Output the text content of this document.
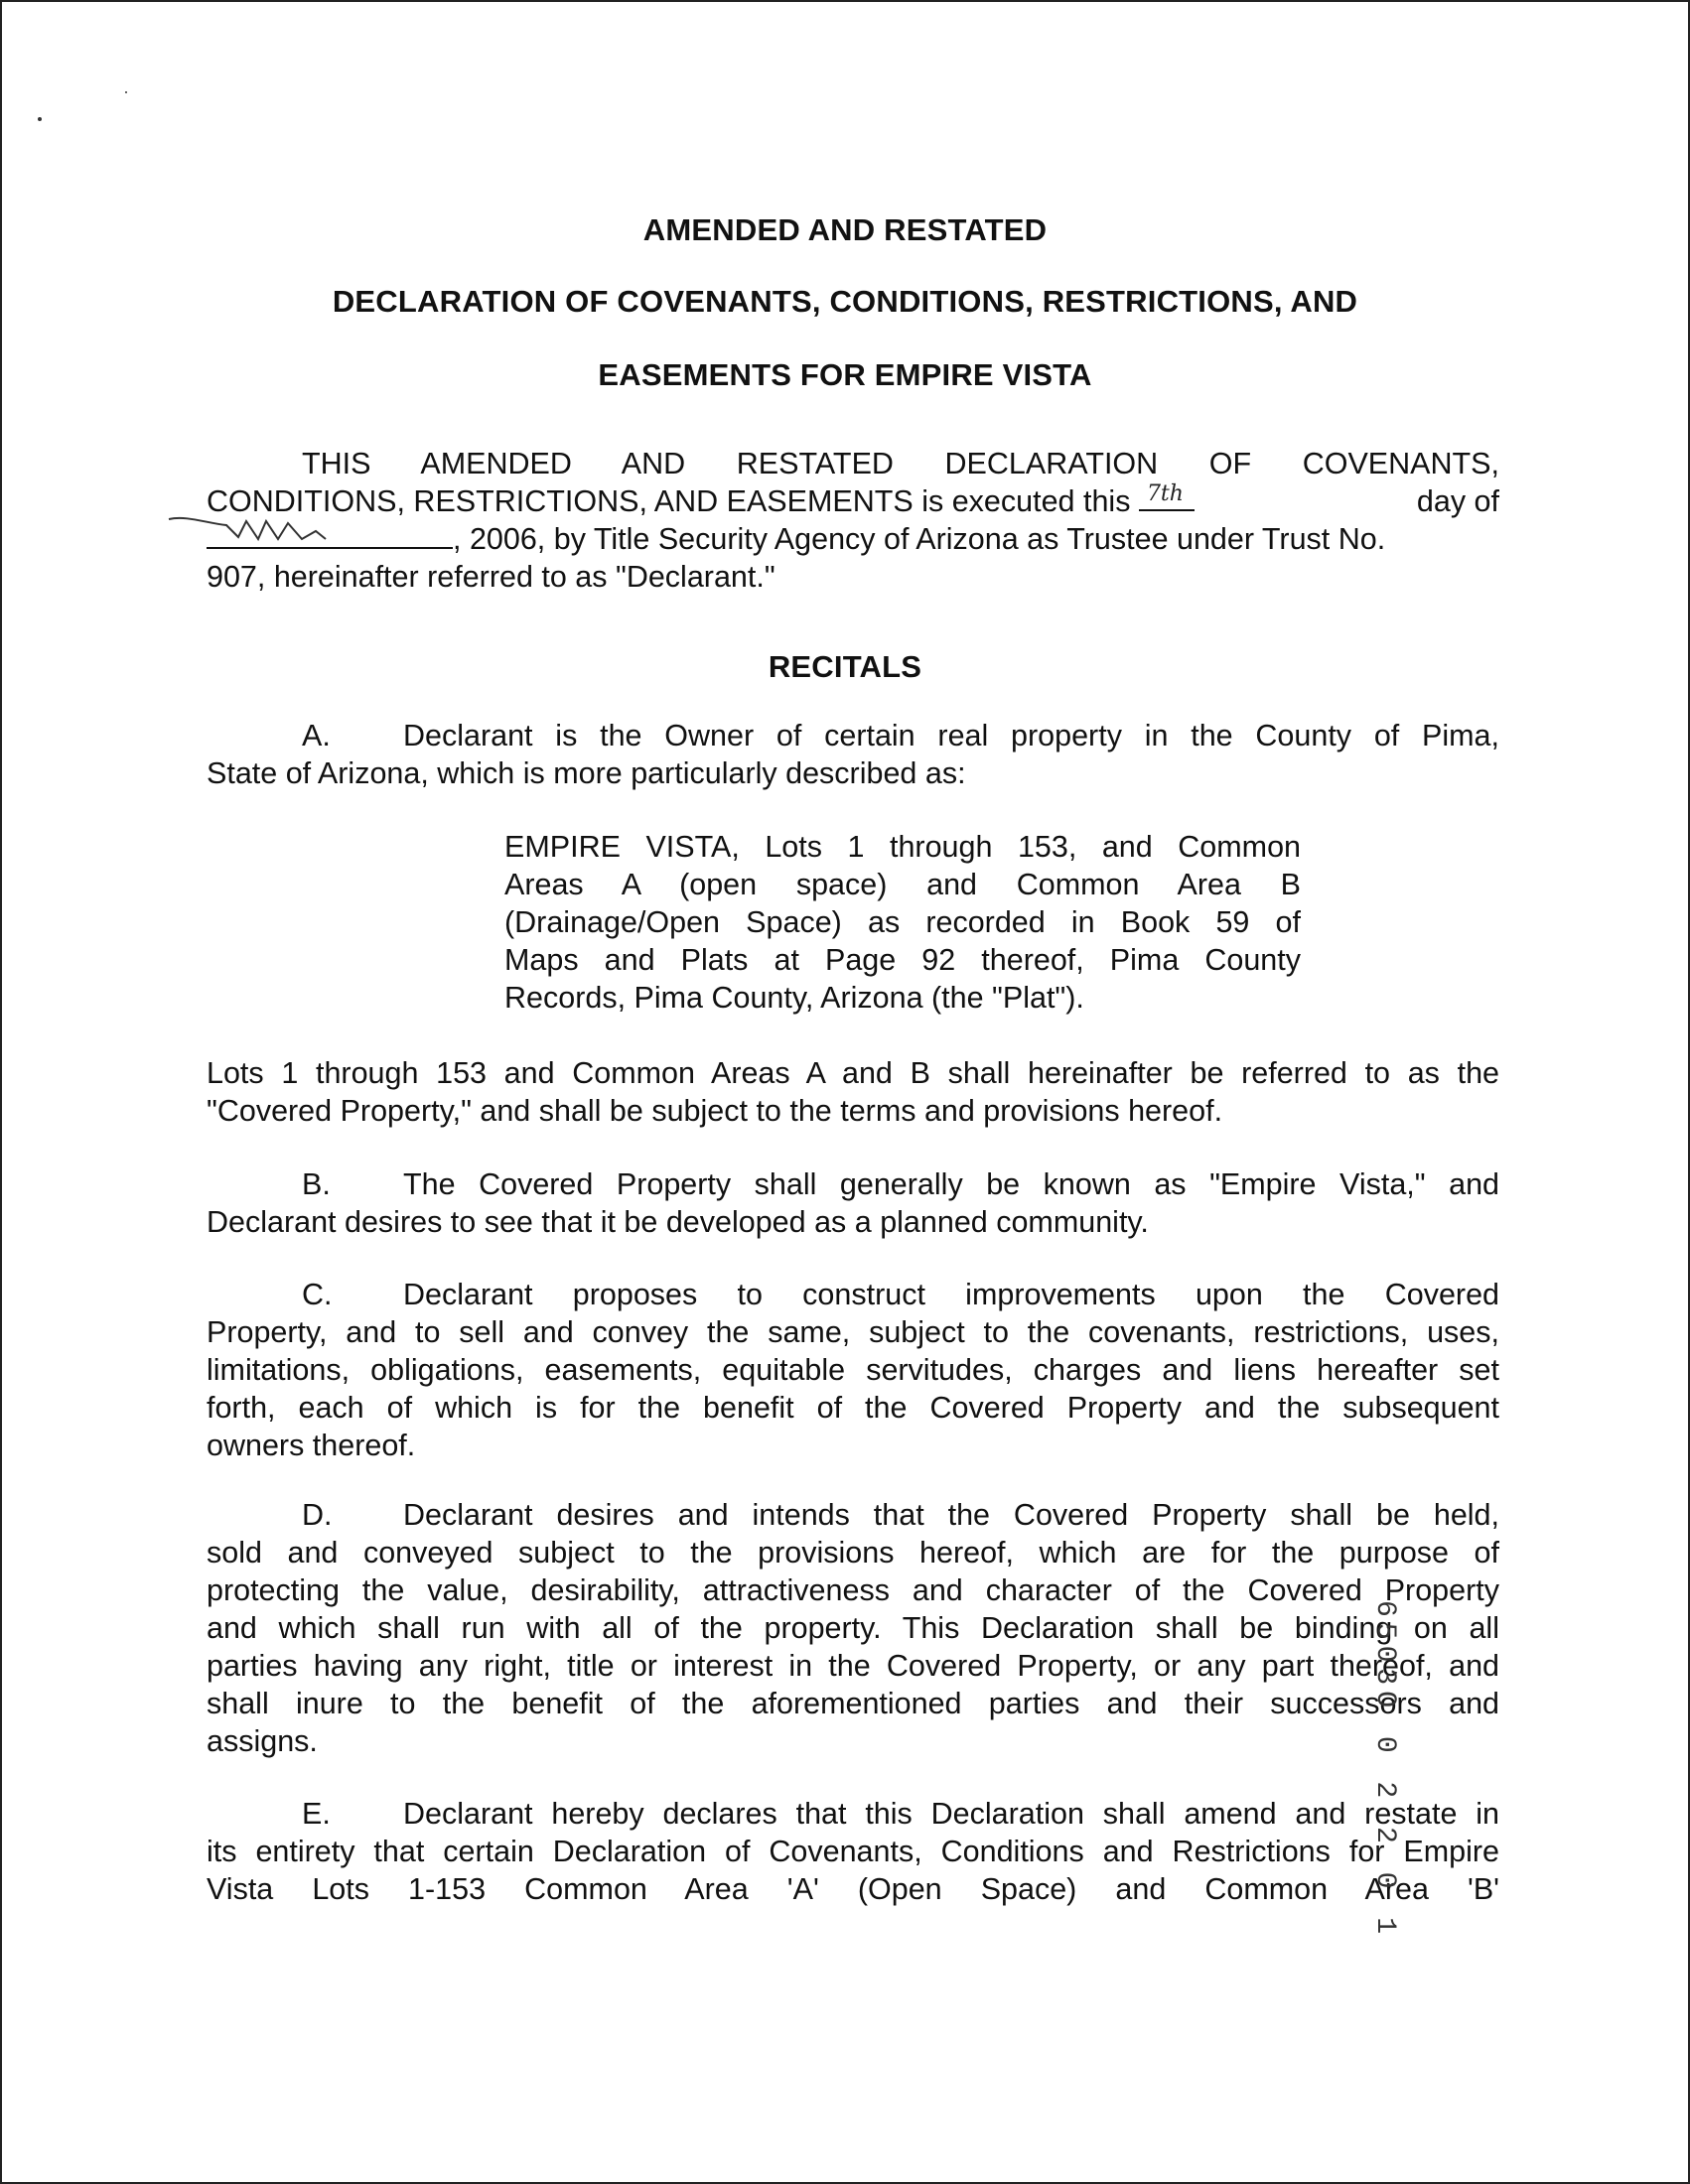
AMENDED AND RESTATED
DECLARATION OF COVENANTS, CONDITIONS, RESTRICTIONS, AND
EASEMENTS FOR EMPIRE VISTA
THIS AMENDED AND RESTATED DECLARATION OF COVENANTS,
CONDITIONS, RESTRICTIONS, AND EASEMENTS is executed this 7th	day of
, 2006, by Title Security Agency of Arizona as Trustee under Trust No.
907, hereinafter referred to as "Declarant."
RECITALS
A. Declarant is the Owner of certain real property in the County of Pima,
State of Arizona, which is more particularly described as:
EMPIRE VISTA, Lots 1 through 153, and Common
Areas A (open space) and Common Area B
(Drainage/Open Space) as recorded in Book 59 of
Maps and Plats at Page 92 thereof, Pima County
Records, Pima County, Arizona (the "Plat").
Lots 1 through 153 and Common Areas A and B shall hereinafter be referred to as the
"Covered Property," and shall be subject to the terms and provisions hereof.
B. The Covered Property shall generally be known as "Empire Vista," and
Declarant desires to see that it be developed as a planned community.
C. Declarant proposes to construct improvements upon the Covered
Property, and to sell and convey the same, subject to the covenants, restrictions, uses,
limitations, obligations, easements, equitable servitudes, charges and liens hereafter set
forth, each of which is for the benefit of the Covered Property and the subsequent
owners thereof.
D. Declarant desires and intends that the Covered Property shall be held,
sold and conveyed subject to the provisions hereof, which are for the purpose of
protecting the value, desirability, attractiveness and character of the Covered Property
and which shall run with all of the property. This Declaration shall be binding on all
parties having any right, title or interest in the Covered Property, or any part thereof, and
shall inure to the benefit of the aforementioned parties and their successors and
assigns.
E. Declarant hereby declares that this Declaration shall amend and restate in
its entirety that certain Declaration of Covenants, Conditions and Restrictions for Empire
Vista Lots 1-153 Common Area 'A' (Open Space) and Common Area 'B'
6503O 0 2 2 0 1
